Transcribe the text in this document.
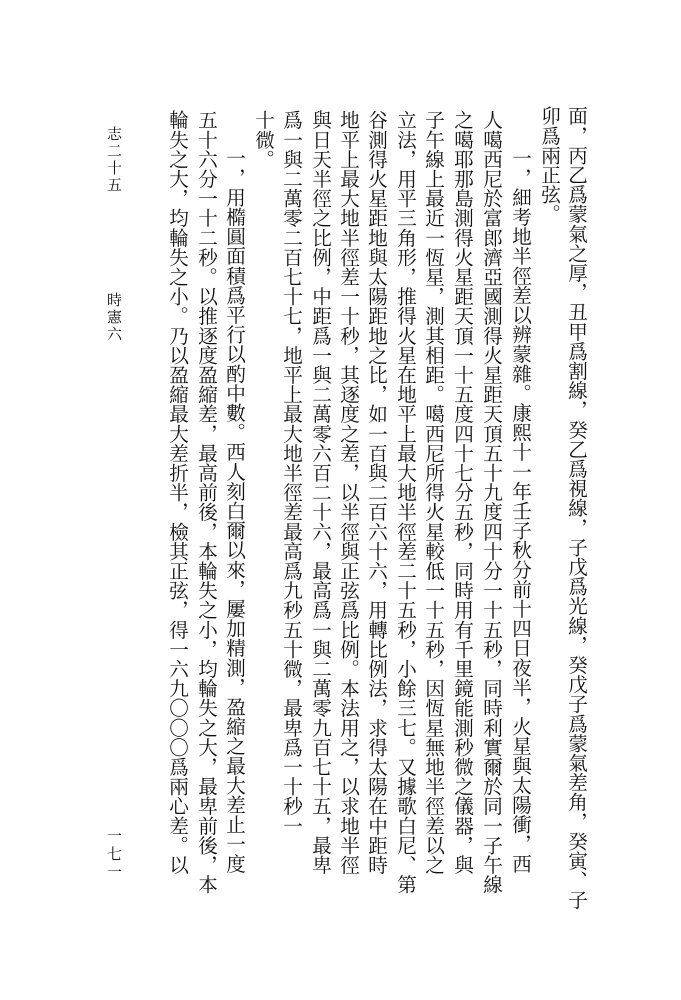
面，丙乙爲蒙氣之厚，丑甲爲割線，癸乙爲視線，子戊爲光線，癸戊子爲蒙氣差角，癸寅、子
卯爲兩正弦。
一，細考地半徑差以辨蒙雜。康熙十一年壬子秋分前十四日夜半，火星與太陽衝，西
人噶西尼於富郎濟亞國測得火星距天頂五十九度四十分一十五秒，同時利實爾於同一子午線
之噶耶那島測得火星距天頂一十五度四十七分五秒，同時用有千里鏡能測秒微之儀器，與
子午線上最近一恆星，測其相距。噶西尼所得火星較低一十五秒，因恆星無地半徑差以之
立法，用平三角形，推得火星在地平上最大地半徑差二十五秒，小餘三七。又據歌白尼、第
谷測得火星距地與太陽距地之比，如一百與二百六十六，用轉比例法，求得太陽在中距時
地平上最大地半徑差一十秒，其逐度之差，以半徑與正弦爲比例。本法用之，以求地半徑
與日天半徑之比例，中距爲一與二萬零六百二十六，最高爲一與二萬零九百七十五，最卑
爲一與二萬零二百七十七，地平上最大地半徑差最高爲九秒五十微，最卑爲一十秒一
十微。
一，用橢圓面積爲平行以酌中數。西人刻白爾以來，屢加精測，盈縮之最大差止一度
五十六分一十二秒。以推逐度盈縮差，最高前後，本輪失之小，均輪失之大，最卑前後，本
輪失之大，均輪失之小。乃以盈縮最大差折半，檢其正弦，得一六九〇〇〇爲兩心差。以
志二十五
時憲六
一七一
